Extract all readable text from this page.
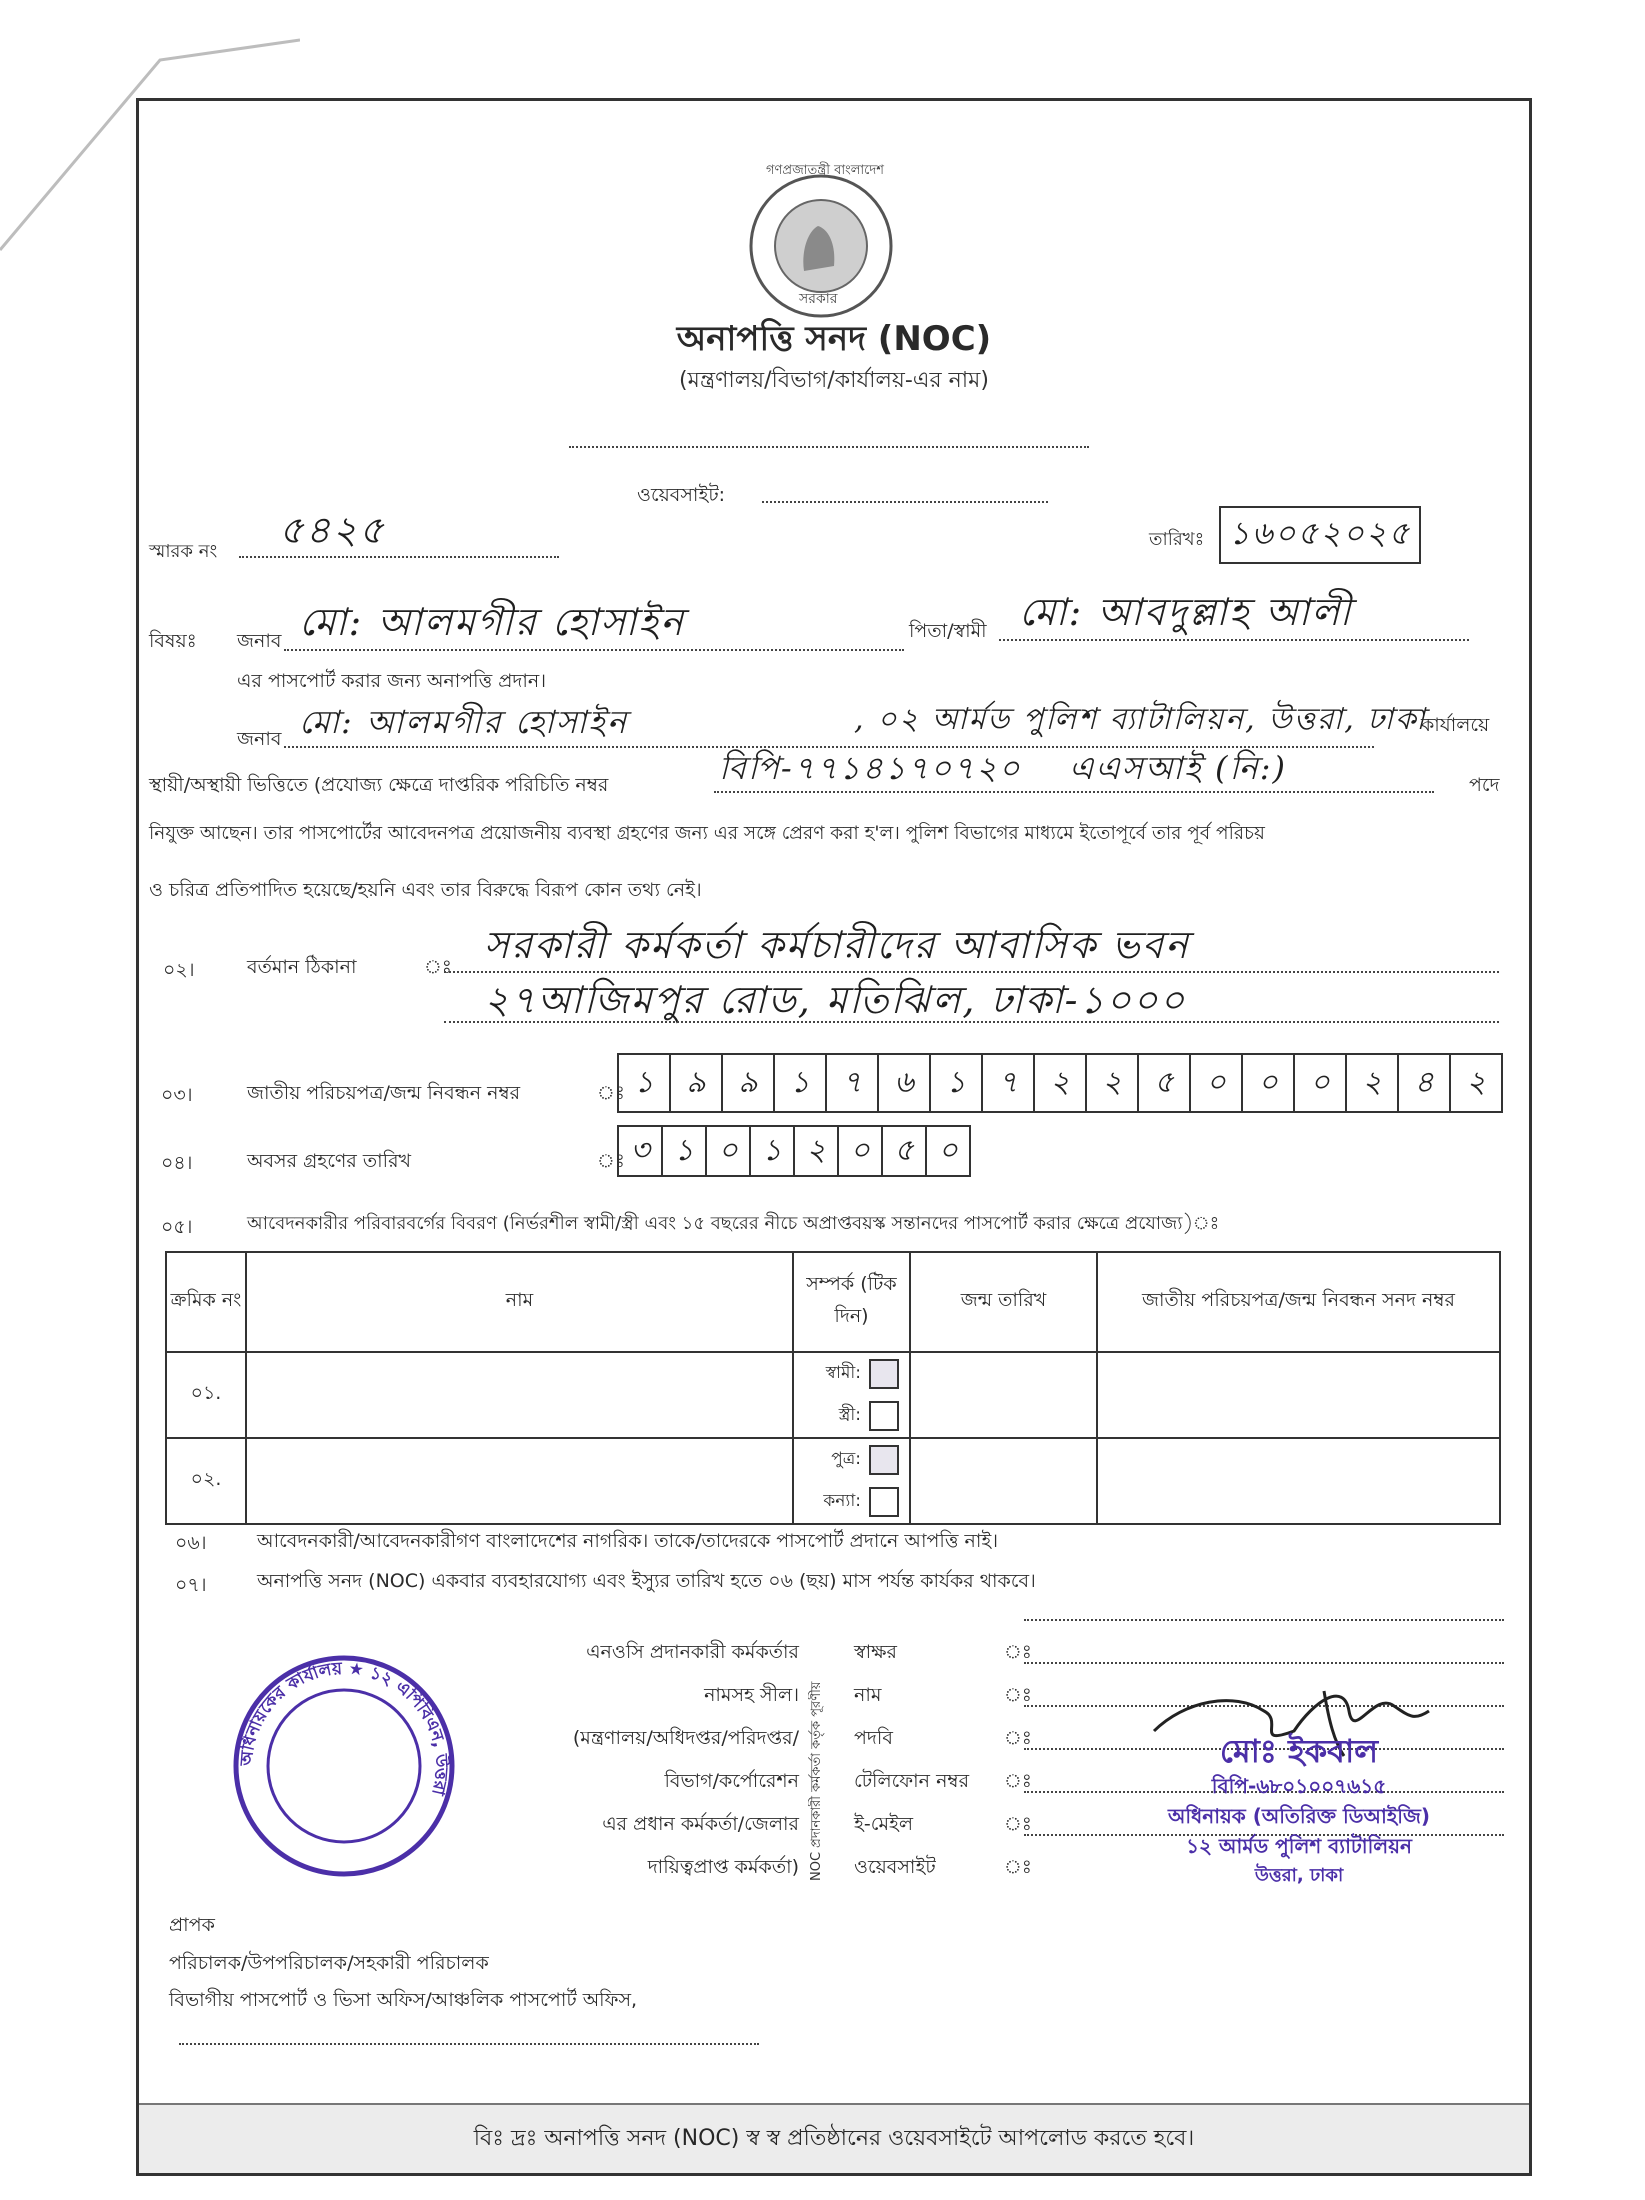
গণপ্রজাতন্ত্রী বাংলাদেশ
সরকার
অনাপত্তি সনদ (NOC)
(মন্ত্রণালয়/বিভাগ/কার্যালয়-এর নাম)
ওয়েবসাইট:
স্মারক নং ৫৪২৫	তারিখঃ ১৬০৫২০২৫
বিষয়ঃ জনাব মো: আলমগীর হোসাইন	পিতা/স্বামী মো: আবদুল্লাহ আলী
এর পাসপোর্ট করার জন্য অনাপত্তি প্রদান।
জনাব মো: আলমগীর হোসাইন	, ০২ আর্মড পুলিশ ব্যাটালিয়ন, উত্তরা, ঢাকা
কার্যালয়ে
স্থায়ী/অস্থায়ী ভিত্তিতে (প্রযোজ্য ক্ষেত্রে দাপ্তরিক পরিচিতি নম্বর	বিপি-৭৭১৪১৭০৭২০ এএসআই (নি:)	পদে
নিযুক্ত আছেন। তার পাসপোর্টের আবেদনপত্র প্রয়োজনীয় ব্যবস্থা গ্রহণের জন্য এর সঙ্গে প্রেরণ করা হ'ল। পুলিশ বিভাগের মাধ্যমে ইতোপূর্বে তার পূর্ব পরিচয়
ও চরিত্র প্রতিপাদিত হয়েছে/হয়নি এবং তার বিরুদ্ধে বিরূপ কোন তথ্য নেই।
০২।	বর্তমান ঠিকানা	ঃ সরকারী কর্মকর্তা কর্মচারীদের আবাসিক ভবন
২৭আজিমপুর রোড, মতিঝিল, ঢাকা-১০০০
০৩।	জাতীয় পরিচয়পত্র/জন্ম নিবন্ধন নম্বর	ঃ ১	৯	৯	১	৭	৬	১	৭	২	২	৫	০	০	০	২	৪	২
০৪।	অবসর গ্রহণের তারিখ	ঃ ৩ ১ ০ ১ ২ ০ ৫ ০
০৫।	আবেদনকারীর পরিবারবর্গের বিবরণ (নির্ভরশীল স্বামী/স্ত্রী এবং ১৫ বছরের নীচে অপ্রাপ্তবয়স্ক সন্তানদের পাসপোর্ট করার ক্ষেত্রে প্রযোজ্য)ঃ
ক্রমিক নং	নাম	সম্পর্ক (টিক দিন)	জন্ম তারিখ	জাতীয় পরিচয়পত্র/জন্ম নিবন্ধন সনদ নম্বর
০১.		স্বামী:
স্ত্রী:		

০২.		পুত্র:
কন্যা:		

০৬।	আবেদনকারী/আবেদনকারীগণ বাংলাদেশের নাগরিক। তাকে/তাদেরকে পাসপোর্ট প্রদানে আপত্তি নাই।
০৭।	অনাপত্তি সনদ (NOC) একবার ব্যবহারযোগ্য এবং ইস্যুর তারিখ হতে ০৬ (ছয়) মাস পর্যন্ত কার্যকর থাকবে।
এনওসি প্রদানকারী কর্মকর্তার
নামসহ সীল।
(মন্ত্রণালয়/অধিদপ্তর/পরিদপ্তর/
বিভাগ/কর্পোরেশন
এর প্রধান কর্মকর্তা/জেলার
দায়িত্বপ্রাপ্ত কর্মকর্তা) NOC প্রদানকারী কর্মকর্তা কর্তৃক পূরণীয়
স্বাক্ষর	ঃ
নাম	ঃ
পদবি	ঃ
টেলিফোন নম্বর	ঃ
ই-মেইল	ঃ
ওয়েবসাইট	ঃ
মোঃ ইকবাল
বিপি-৬৮০১০০৭৬১৫
অধিনায়ক (অতিরিক্ত ডিআইজি)
১২ আর্মড পুলিশ ব্যাটালিয়ন
উত্তরা, ঢাকা
অধিনায়কের কার্যালয় ★ ১২ এপিবিএন, উত্তরা
প্রাপক
পরিচালক/উপপরিচালক/সহকারী পরিচালক
বিভাগীয় পাসপোর্ট ও ভিসা অফিস/আঞ্চলিক পাসপোর্ট অফিস,
বিঃ দ্রঃ অনাপত্তি সনদ (NOC) স্ব স্ব প্রতিষ্ঠানের ওয়েবসাইটে আপলোড করতে হবে।
